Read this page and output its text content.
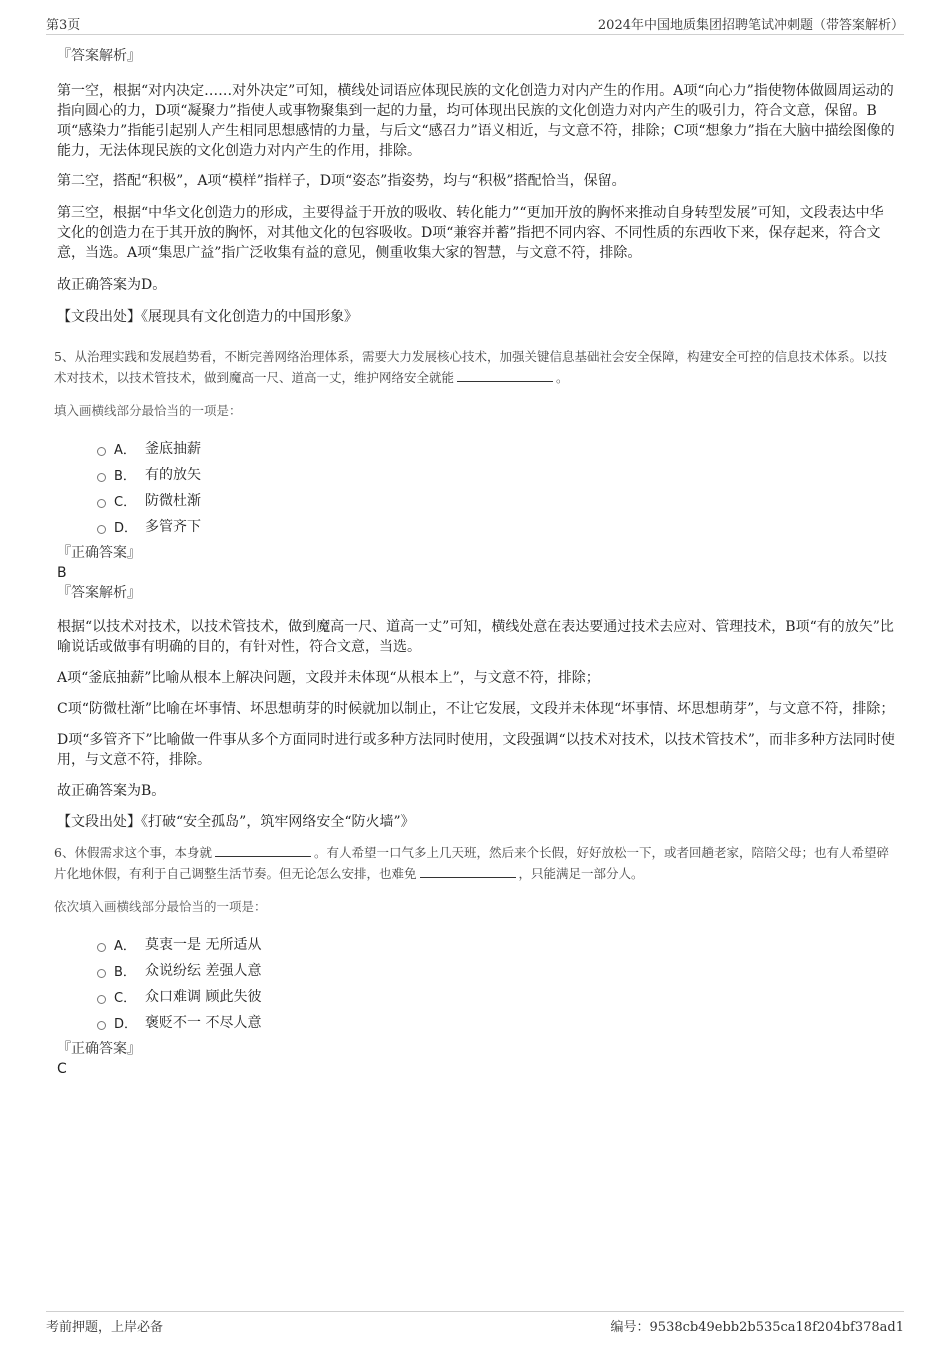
第3页	2024年中国地质集团招聘笔试冲刺题（带答案解析）

『答案解析』

第一空，根据“对内决定……对外决定”可知，横线处词语应体现民族的文化创造力对内产生的作用。A项“向心力”指使物体做圆周运动的指向圆心的力，D项“凝聚力”指使人或事物聚集到一起的力量，均可体现出民族的文化创造力对内产生的吸引力，符合文意，保留。B项“感染力”指能引起别人产生相同思想感情的力量，与后文“感召力”语义相近，与文意不符，排除；C项“想象力”指在大脑中描绘图像的能力，无法体现民族的文化创造力对内产生的作用，排除。

第二空，搭配“积极”，A项“模样”指样子，D项“姿态”指姿势，均与“积极”搭配恰当，保留。

第三空，根据“中华文化创造力的形成，主要得益于开放的吸收、转化能力”“更加开放的胸怀来推动自身转型发展”可知，文段表达中华文化的创造力在于其开放的胸怀，对其他文化的包容吸收。D项“兼容并蓄”指把不同内容、不同性质的东西收下来，保存起来，符合文意，当选。A项“集思广益”指广泛收集有益的意见，侧重收集大家的智慧，与文意不符，排除。

故正确答案为D。

【文段出处】《展现具有文化创造力的中国形象》

5、从治理实践和发展趋势看，不断完善网络治理体系，需要大力发展核心技术，加强关键信息基础社会安全保障，构建安全可控的信息技术体系。以技术对技术，以技术管技术，做到魔高一尺、道高一丈，维护网络安全就能	。

填入画横线部分最恰当的一项是：

A． 釜底抽薪
B． 有的放矢
C． 防微杜渐
D． 多管齐下

『正确答案』

B

『答案解析』

根据“以技术对技术，以技术管技术，做到魔高一尺、道高一丈”可知，横线处意在表达要通过技术去应对、管理技术，B项“有的放矢”比喻说话或做事有明确的目的，有针对性，符合文意，当选。

A项“釜底抽薪”比喻从根本上解决问题，文段并未体现“从根本上”，与文意不符，排除；

C项“防微杜渐”比喻在坏事情、坏思想萌芽的时候就加以制止，不让它发展，文段并未体现“坏事情、坏思想萌芽”，与文意不符，排除；

D项“多管齐下”比喻做一件事从多个方面同时进行或多种方法同时使用，文段强调“以技术对技术，以技术管技术”，而非多种方法同时使用，与文意不符，排除。

故正确答案为B。

【文段出处】《打破“安全孤岛”，筑牢网络安全“防火墙”》

6、休假需求这个事，本身就	。有人希望一口气多上几天班，然后来个长假，好好放松一下，或者回趟老家，陪陪父母；也有人希望碎片化地休假，有利于自己调整生活节奏。但无论怎么安排，也难免	，只能满足一部分人。

依次填入画横线部分最恰当的一项是：

A． 莫衷一是 无所适从
B． 众说纷纭 差强人意
C． 众口难调 顾此失彼
D． 褒贬不一 不尽人意

『正确答案』

C

考前押题，上岸必备	编号：9538cb49ebb2b535ca18f204bf378ad1
